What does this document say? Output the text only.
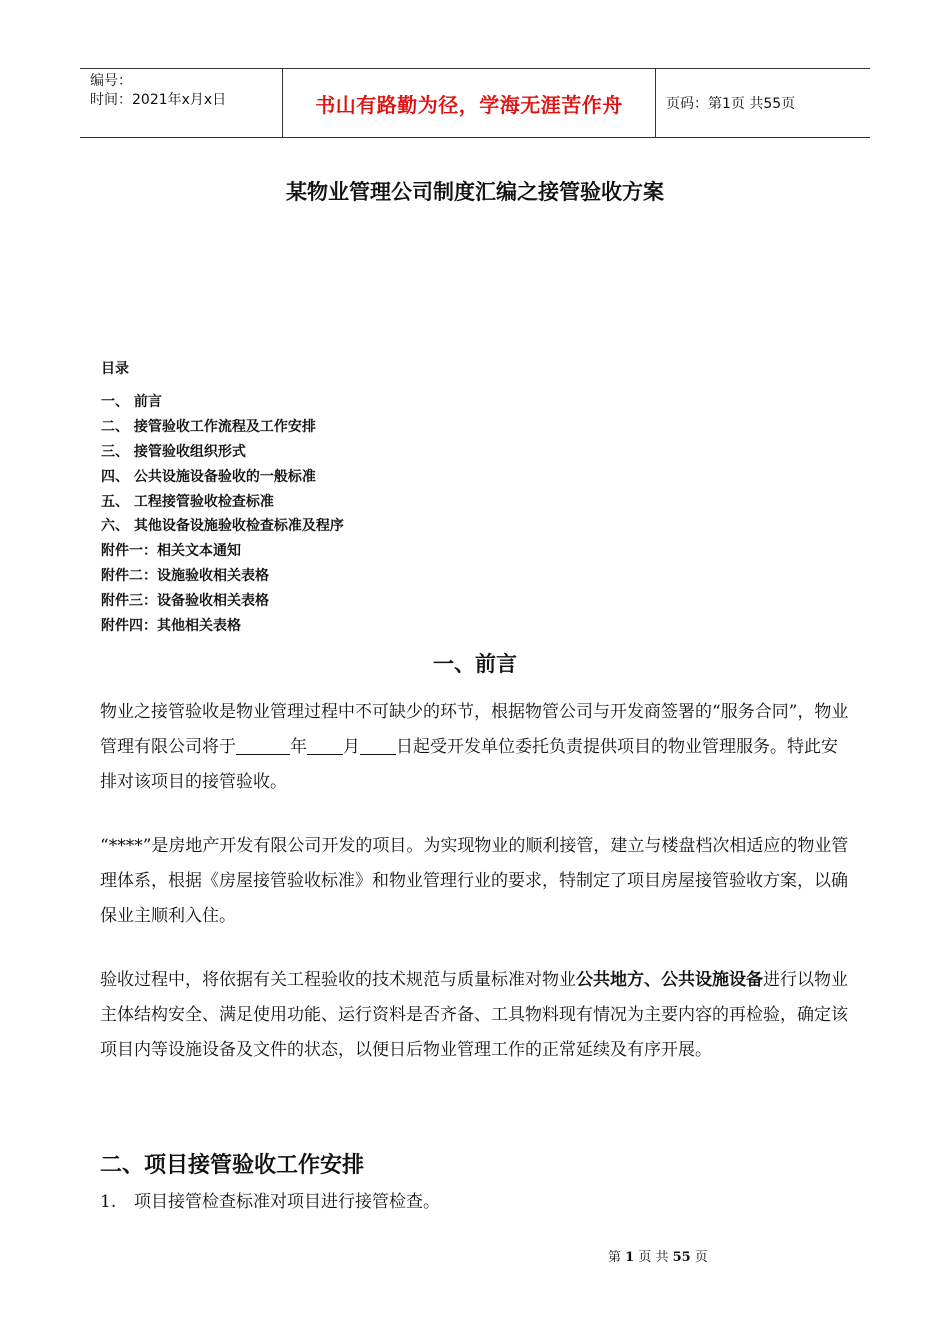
编号：
时间：2021年x月x日	书山有路勤为径，学海无涯苦作舟	页码：第1页 共55页
某物业管理公司制度汇编之接管验收方案
目录
一、 前言
二、 接管验收工作流程及工作安排
三、 接管验收组织形式
四、 公共设施设备验收的一般标准
五、 工程接管验收检查标准
六、 其他设备设施验收检查标准及程序
附件一：相关文本通知
附件二：设施验收相关表格
附件三：设备验收相关表格
附件四：其他相关表格
一、前言

物业之接管验收是物业管理过程中不可缺少的环节，根据物管公司与开发商签署的“服务合同”，物业管理有限公司将于	年 月 日起受开发单位委托负责提供项目的物业管理服务。特此安排对该项目的接管验收。

“****”是房地产开发有限公司开发的项目。为实现物业的顺利接管，建立与楼盘档次相适应的物业管理体系，根据《房屋接管验收标准》和物业管理行业的要求，特制定了项目房屋接管验收方案，以确保业主顺利入住。

验收过程中，将依据有关工程验收的技术规范与质量标准对物业公共地方、公共设施设备进行以物业主体结构安全、满足使用功能、运行资料是否齐备、工具物料现有情况为主要内容的再检验，确定该项目内等设施设备及文件的状态，以便日后物业管理工作的正常延续及有序开展。

二、项目接管验收工作安排
1. 项目接管检查标准对项目进行接管检查。
第 1 页 共 55 页
